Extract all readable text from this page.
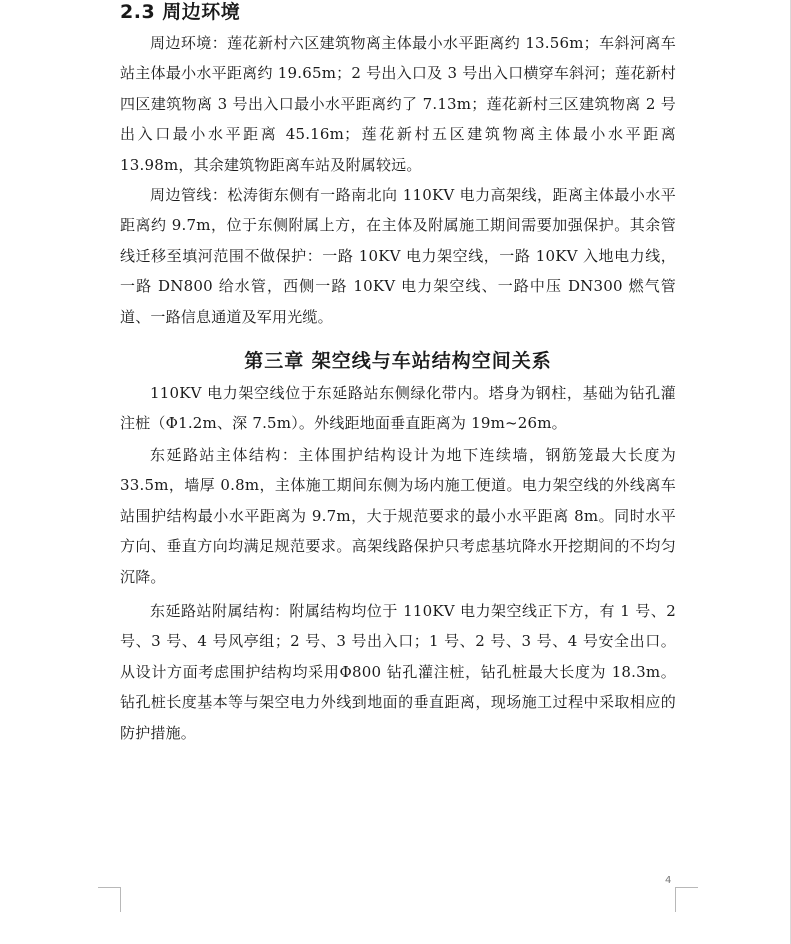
2.3 周边环境

周边环境：莲花新村六区建筑物离主体最小水平距离约 13.56m；车斜河离车站主体最小水平距离约 19.65m；2 号出入口及 3 号出入口横穿车斜河；莲花新村四区建筑物离 3 号出入口最小水平距离约了 7.13m；莲花新村三区建筑物离 2 号出入口最小水平距离 45.16m；莲花新村五区建筑物离主体最小水平距离 13.98m，其余建筑物距离车站及附属较远。

周边管线：松涛街东侧有一路南北向 110KV 电力高架线，距离主体最小水平距离约 9.7m，位于东侧附属上方，在主体及附属施工期间需要加强保护。其余管线迁移至填河范围不做保护：一路 10KV 电力架空线，一路 10KV 入地电力线，一路 DN800 给水管，西侧一路 10KV 电力架空线、一路中压 DN300 燃气管道、一路信息通道及军用光缆。

第三章 架空线与车站结构空间关系

110KV 电力架空线位于东延路站东侧绿化带内。塔身为钢柱，基础为钻孔灌注桩（Φ1.2m、深 7.5m）。外线距地面垂直距离为 19m~26m。

东延路站主体结构：主体围护结构设计为地下连续墙，钢筋笼最大长度为 33.5m，墙厚 0.8m，主体施工期间东侧为场内施工便道。电力架空线的外线离车站围护结构最小水平距离为 9.7m，大于规范要求的最小水平距离 8m。同时水平方向、垂直方向均满足规范要求。高架线路保护只考虑基坑降水开挖期间的不均匀沉降。

东延路站附属结构：附属结构均位于 110KV 电力架空线正下方，有 1 号、2 号、3 号、4 号风亭组；2 号、3 号出入口；1 号、2 号、3 号、4 号安全出口。从设计方面考虑围护结构均采用Φ800 钻孔灌注桩，钻孔桩最大长度为 18.3m。钻孔桩长度基本等与架空电力外线到地面的垂直距离，现场施工过程中采取相应的防护措施。

4
